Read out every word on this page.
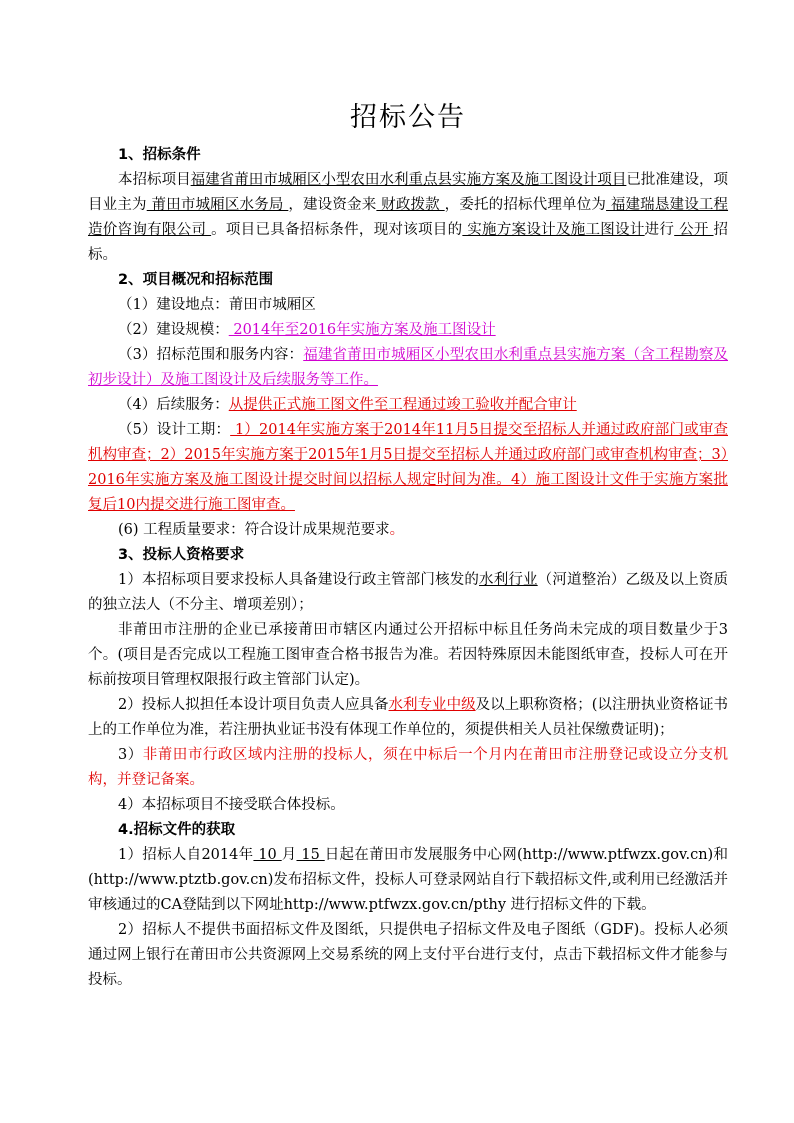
招标公告

1、招标条件

本招标项目福建省莆田市城厢区小型农田水利重点县实施方案及施工图设计项目已批准建设，项目业主为 莆田市城厢区水务局 ，建设资金来 财政拨款 ，委托的招标代理单位为 福建瑞恳建设工程造价咨询有限公司 。项目已具备招标条件，现对该项目的 实施方案设计及施工图设计进行 公开 招标。

2、项目概况和招标范围

（1）建设地点：莆田市城厢区

（2）建设规模： 2014年至2016年实施方案及施工图设计

（3）招标范围和服务内容：福建省莆田市城厢区小型农田水利重点县实施方案（含工程勘察及初步设计）及施工图设计及后续服务等工作。

（4）后续服务：从提供正式施工图文件至工程通过竣工验收并配合审计

（5）设计工期： 1）2014年实施方案于2014年11月5日提交至招标人并通过政府部门或审查机构审查；2）2015年实施方案于2015年1月5日提交至招标人并通过政府部门或审查机构审查；3）2016年实施方案及施工图设计提交时间以招标人规定时间为准。4）施工图设计文件于实施方案批复后10内提交进行施工图审查。

(6) 工程质量要求：符合设计成果规范要求。

3、投标人资格要求

1）本招标项目要求投标人具备建设行政主管部门核发的水利行业（河道整治）乙级及以上资质的独立法人（不分主、增项差别）；

非莆田市注册的企业已承接莆田市辖区内通过公开招标中标且任务尚未完成的项目数量少于3个。(项目是否完成以工程施工图审查合格书报告为准。若因特殊原因未能图纸审查，投标人可在开标前按项目管理权限报行政主管部门认定)。

2）投标人拟担任本设计项目负责人应具备水利专业中级及以上职称资格；(以注册执业资格证书上的工作单位为准，若注册执业证书没有体现工作单位的，须提供相关人员社保缴费证明)；

3）非莆田市行政区域内注册的投标人，须在中标后一个月内在莆田市注册登记或设立分支机构，并登记备案。

4）本招标项目不接受联合体投标。

4.招标文件的获取

1）招标人自2014年 10 月 15 日起在莆田市发展服务中心网(http://www.ptfwzx.gov.cn)和 (http://www.ptztb.gov.cn)发布招标文件，投标人可登录网站自行下载招标文件,或利用已经激活并审核通过的CA登陆到以下网址http://www.ptfwzx.gov.cn/pthy 进行招标文件的下载。

2）招标人不提供书面招标文件及图纸，只提供电子招标文件及电子图纸（GDF)。投标人必须通过网上银行在莆田市公共资源网上交易系统的网上支付平台进行支付，点击下载招标文件才能参与投标。
